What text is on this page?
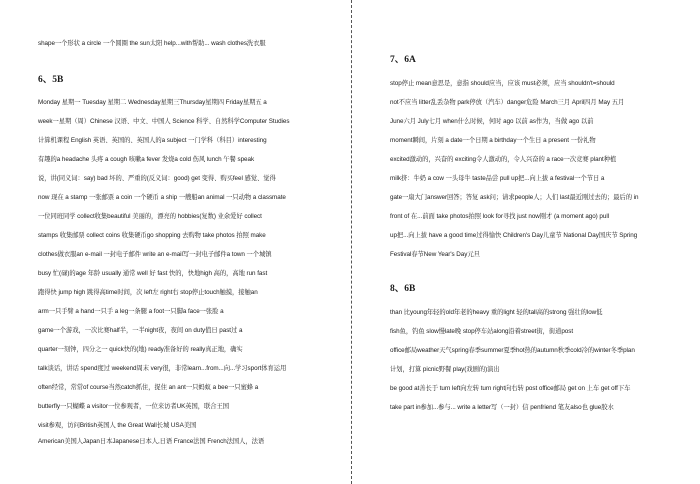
shape一个形状 a circle 一个圆圈 the sun太阳 help...with帮助... wash clothes洗衣服
6、5B
Monday 星期一 Tuesday 星期二 Wednesday星期三Thursday星期四 Friday星期五 a
week一星期（周）Chinese 汉语、中文、中国人 Science 科学、自然科学Computer Studies
计算机课程 English 英语、英国的、英国人的a subject 一门学科（科目）interesting
有趣的a headache 头疼 a cough 咳嗽a fever 发烧a cold 伤风 lunch 午餐 speak
说，讲(同义词：say) bad 坏的、严重的(反义词：good) get 变得、购买feel 感觉、觉得
now 现在 a stamp 一张邮票 a coin 一个硬币 a ship 一艘船an animal 一只动物 a classmate
一位同班同学 collect收集beautiful 美丽的，漂亮的 hobbies(复数) 业余爱好 collect
stamps 收集邮票 collect coins 收集硬币go shopping 去购物 take photos 拍照 make
clothes做衣服an e-mail 一封电子邮件 write an e-mail写一封电子邮件a town 一个城镇
busy 忙(碌)的age 年龄 usually 通常 well 好 fast 快的，快地high 高的，高地 run fast
跑得快 jump high 跳得高time时间，次 left左 right右 stop停止touch触摸，接触an
arm一只手臂 a hand一只手 a leg一条腿 a foot一只脚a face一张脸 a
game一个游戏，一次比赛half半，一半night夜，夜间 on duty值日 past过 a
quarter一刻钟，四分之一 quick快的(地) ready准备好的 really真正地，确实
talk谈话，讲话 spend度过 weekend周末 very很，非常learn...from...向...学习sport体育运用
often经常，常常of course当然catch抓住，捉住 an ant一只蚂蚁 a bee一只蜜蜂 a
butterfly一只蝴蝶 a visitor一位参观者，一位来访者UK英国，联合王国
visit参观，访问British英国人 the Great Wall长城 USA美国
American美国人Japan日本Japanese日本人,日语 France法国 French法国人，法语
7、6A
stop停止 mean意思是，意指 should应当，应该 must必须，应当 shouldn't=should
not不应当 litter乱丢杂物 park停放（汽车）danger危险 March三月 April四月 May 五月
June六月 July七月 when什么时候，何时 ago 以前 as作为，当做 ago 以前
moment瞬间，片刻 a date一个日期 a birthday一个生日 a present 一份礼物
excited激动的，兴奋的 exciting令人激动的，令人兴奋的 a race一次竞赛 plant种植
milk挤：牛奶 a cow 一头母牛 taste品尝 pull up把...向上拔 a festival一个节日 a
gate一扇大门answer回答；答复 ask问；请求people人；人们 last最近刚过去的；最后的 in
front of 在...前面 take photos拍照 look for寻找 just now刚才 (a moment ago) pull
up把...向上拔 have a good time过得愉快 Children's Day儿童节 National Day国庆节 Spring
Festival春节New Year's Day元旦
8、6B
than 比young年轻的old年老的heavy 重的light 轻的tall高的strong 强壮的low低
fish鱼，钓鱼 slow慢late晚 stop停车站along沿着street街，街道post
office邮局weather天气spring春季summer夏季hot热的autumn秋季cold冷的winter冬季plan
计划，打算 picnic野餐 play(戏剧的)演出
be good at善长于 turn left向左转 turn right向右转 post office邮局 get on 上车 get off下车
take part in参加...参与... write a letter写（一封）信 penfriend 笔友also也 glue胶水
